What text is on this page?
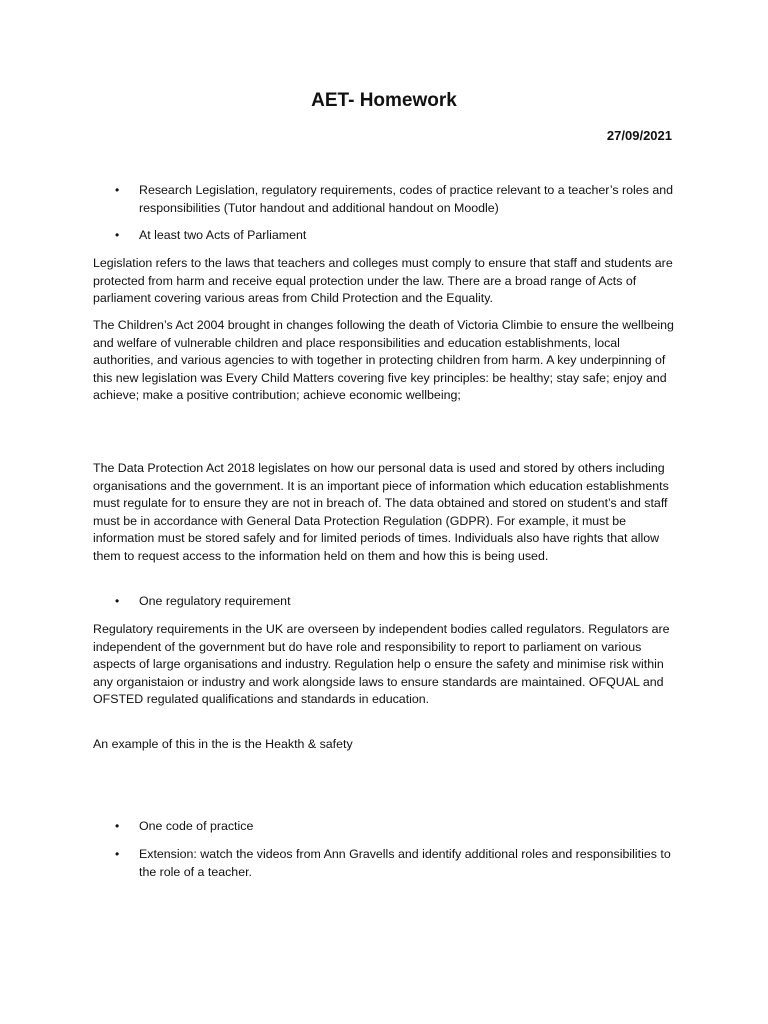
AET- Homework
27/09/2021
• Research Legislation, regulatory requirements, codes of practice relevant to a teacher’s roles and responsibilities (Tutor handout and additional handout on Moodle)
• At least two Acts of Parliament

Legislation refers to the laws that teachers and colleges must comply to ensure that staff and students are protected from harm and receive equal protection under the law. There are a broad range of Acts of parliament covering various areas from Child Protection and the Equality.

The Children’s Act 2004 brought in changes following the death of Victoria Climbie to ensure the wellbeing and welfare of vulnerable children and place responsibilities and education establishments, local authorities, and various agencies to with together in protecting children from harm. A key underpinning of this new legislation was Every Child Matters covering five key principles: be healthy; stay safe; enjoy and achieve; make a positive contribution; achieve economic wellbeing;

The Data Protection Act 2018 legislates on how our personal data is used and stored by others including organisations and the government. It is an important piece of information which education establishments must regulate for to ensure they are not in breach of. The data obtained and stored on student’s and staff must be in accordance with General Data Protection Regulation (GDPR). For example, it must be information must be stored safely and for limited periods of times. Individuals also have rights that allow them to request access to the information held on them and how this is being used.

• One regulatory requirement

Regulatory requirements in the UK are overseen by independent bodies called regulators. Regulators are independent of the government but do have role and responsibility to report to parliament on various aspects of large organisations and industry. Regulation help o ensure the safety and minimise risk within any organistaion or industry and work alongside laws to ensure standards are maintained. OFQUAL and OFSTED regulated qualifications and standards in education.

An example of this in the is the Heakth & safety

• One code of practice
• Extension: watch the videos from Ann Gravells and identify additional roles and responsibilities to the role of a teacher.
